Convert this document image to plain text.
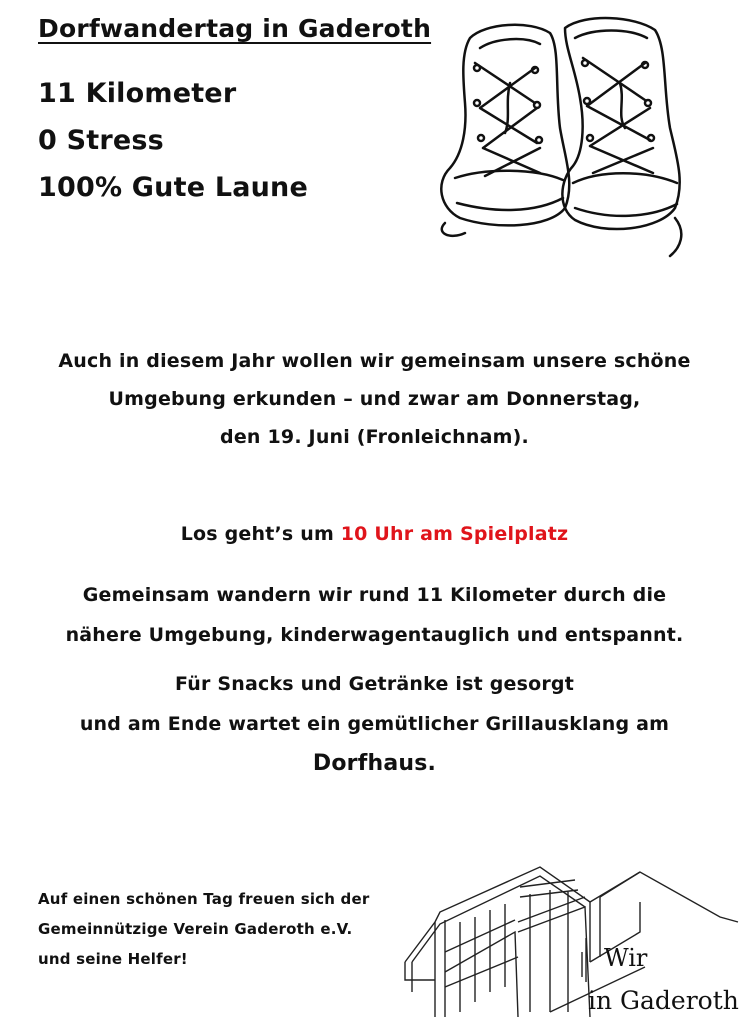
Dorfwandertag in Gaderoth
11 Kilometer
0 Stress
100% Gute Laune
Auch in diesem Jahr wollen wir gemeinsam unsere schöne
Umgebung erkunden – und zwar am Donnerstag,
den 19. Juni (Fronleichnam).
Los geht’s um 10 Uhr am Spielplatz
Gemeinsam wandern wir rund 11 Kilometer durch die
nähere Umgebung, kinderwagentauglich und entspannt.
Für Snacks und Getränke ist gesorgt
und am Ende wartet ein gemütlicher Grillausklang am
Dorfhaus.
Auf einen schönen Tag freuen sich der
Gemeinnützige Verein Gaderoth e.V.
und seine Helfer!	Wir
in Gaderoth
